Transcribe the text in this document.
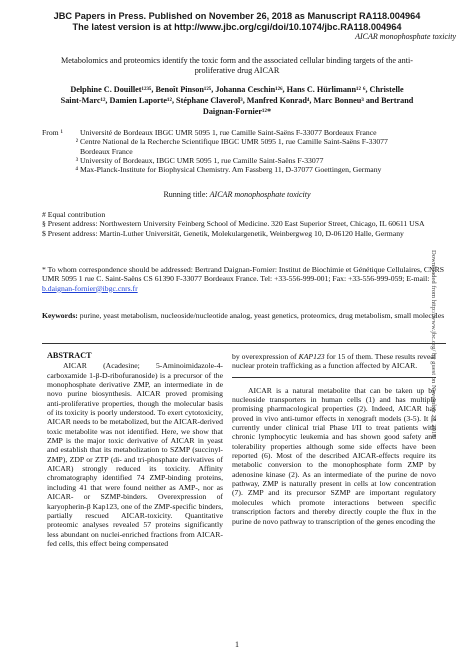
JBC Papers in Press. Published on November 26, 2018 as Manuscript RA118.004964
The latest version is at http://www.jbc.org/cgi/doi/10.1074/jbc.RA118.004964
AICAR monophosphate toxicity
Metabolomics and proteomics identify the toxic form and the associated cellular binding targets of the anti-
proliferative drug AICAR
Delphine C. Douillet¹²³⁵, Benoît Pinson¹²⁵, Johanna Ceschin¹²⁶, Hans C. Hürlimann¹² ⁶, Christelle
Saint-Marc¹², Damien Laporte¹², Stéphane Claverol³, Manfred Konrad⁴, Marc Bonneu³ and Bertrand
Daignan-Fornier¹²*
From ¹	Université de Bordeaux IBGC UMR 5095 1, rue Camille Saint-Saëns F-33077 Bordeaux France
² Centre National de la Recherche Scientifique IBGC UMR 5095 1, rue Camille Saint-Saëns F-33077
Bordeaux France
³ University of Bordeaux, IBGC UMR 5095 1, rue Camille Saint-Saëns F-33077
⁴ Max-Planck-Institute for Biophysical Chemistry. Am Fassberg 11, D-37077 Goettingen, Germany
Running title: AICAR monophosphate toxicity

# Equal contribution

§ Present address: Northwestern University Feinberg School of Medicine. 320 East Superior Street, Chicago, IL 60611 USA

$ Present address: Martin-Luther Universität, Genetik, Molekulargenetik, Weinbergweg 10, D-06120 Halle, Germany

* To whom correspondence should be addressed: Bertrand Daignan-Fornier: Institut de Biochimie et Génétique Cellulaires, CNRS UMR 5095 1 rue C. Saint-Saëns CS 61390 F-33077 Bordeaux France. Tel: +33-556-999-001; Fax: +33-556-999-059; E-mail: b.daignan-fornier@ibgc.cnrs.fr
Keywords: purine, yeast metabolism, nucleoside/nucleotide analog, yeast genetics, proteomics, drug metabolism, small molecules
ABSTRACT

AICAR (Acadesine; 5-Aminoimidazole-4-carboxamide 1-β-D-ribofuranoside) is a precursor of the monophosphate derivative ZMP, an intermediate in de novo purine biosynthesis. AICAR proved promising anti-proliferative properties, though the molecular basis of its toxicity is poorly understood. To exert cytotoxicity, AICAR needs to be metabolized, but the AICAR-derived toxic metabolite was not identified. Here, we show that ZMP is the major toxic derivative of AICAR in yeast and establish that its metabolization to SZMP (succinyl-ZMP), ZDP or ZTP (di- and tri-phosphate derivatives of AICAR) strongly reduced its toxicity. Affinity chromatography identified 74 ZMP-binding proteins, including 41 that were found neither as AMP-, nor as AICAR- or SZMP-binders. Overexpression of karyopherin-β Kap123, one of the ZMP-specific binders, partially rescued AICAR-toxicity. Quantitative proteomic analyses revealed 57 proteins significantly less abundant on nuclei-enriched fractions from AICAR-fed cells, this effect being compensated

by overexpression of KAP123 for 15 of them. These results reveal nuclear protein trafficking as a function affected by AICAR.

AICAR is a natural metabolite that can be taken up by nucleoside transporters in human cells (1) and has multiple promising pharmacological properties (2). Indeed, AICAR has proved in vivo anti-tumor effects in xenograft models (3-5). It is currently under clinical trial Phase I/II to treat patients with chronic lymphocytic leukemia and has shown good safety and tolerability properties although some side effects have been reported (6). Most of the described AICAR-effects require its metabolic conversion to the monophosphate form ZMP by adenosine kinase (2). As an intermediate of the purine de novo pathway, ZMP is naturally present in cells at low concentration (7). ZMP and its precursor SZMP are important regulatory molecules which promote interactions between specific transcription factors and thereby directly couple the flux in the purine de novo pathway to transcription of the genes encoding the

1
Downloaded from http://www.jbc.org/ by guest on November 27, 2018
